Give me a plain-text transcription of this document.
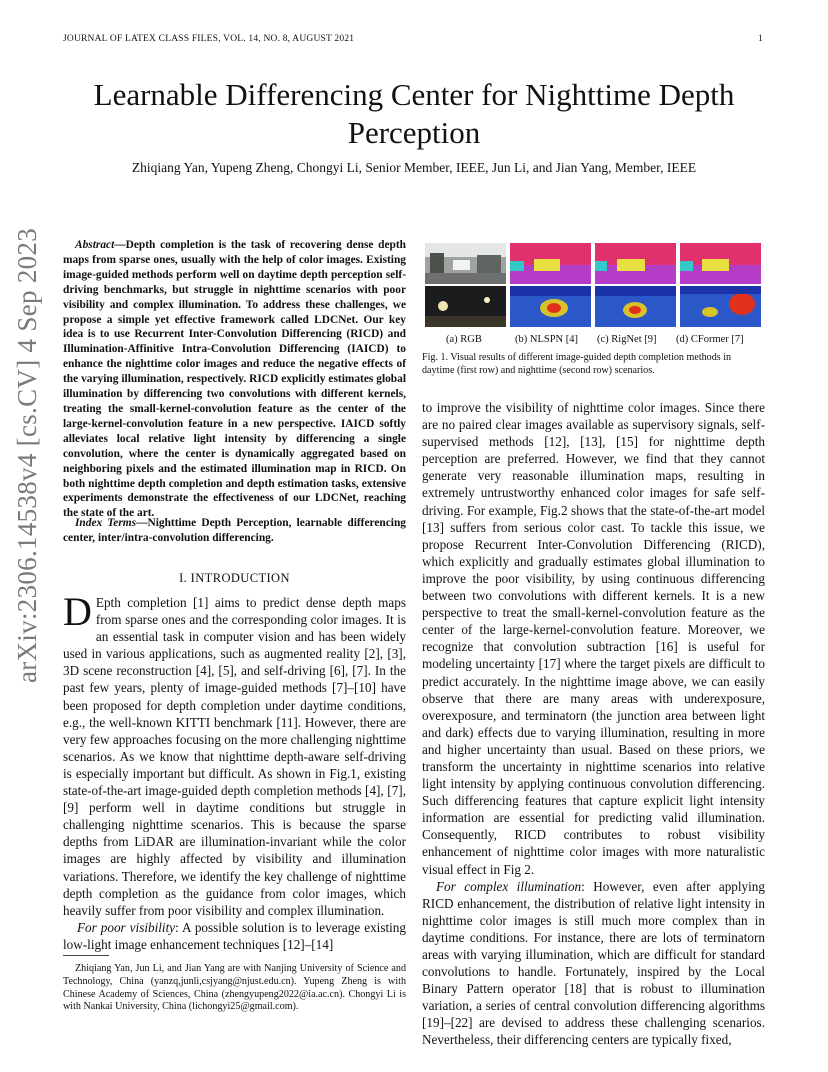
JOURNAL OF LATEX CLASS FILES, VOL. 14, NO. 8, AUGUST 2021	1
Learnable Differencing Center for Nighttime Depth Perception
Zhiqiang Yan, Yupeng Zheng, Chongyi Li, Senior Member, IEEE, Jun Li, and Jian Yang, Member, IEEE
arXiv:2306.14538v4 [cs.CV] 4 Sep 2023	Abstract—Depth completion is the task of recovering dense depth maps from sparse ones, usually with the help of color images. Existing image-guided methods perform well on daytime depth perception self-driving benchmarks, but struggle in nighttime scenarios with poor visibility and complex illumination. To address these challenges, we propose a simple yet effective framework called LDCNet. Our key idea is to use Recurrent Inter-Convolution Differencing (RICD) and Illumination-Affinitive Intra-Convolution Differencing (IAICD) to enhance the nighttime color images and reduce the negative effects of the varying illumination, respectively. RICD explicitly estimates global illumination by differencing two convolutions with different kernels, treating the small-kernel-convolution feature as the center of the large-kernel-convolution feature in a new perspective. IAICD softly alleviates local relative light intensity by differencing a single convolution, where the center is dynamically aggregated based on neighboring pixels and the estimated illumination map in RICD. On both nighttime depth completion and depth estimation tasks, extensive experiments demonstrate the effectiveness of our LDCNet, reaching the state of the art.
Index Terms—Nighttime Depth Perception, learnable differencing center, inter/intra-convolution differencing.
I. INTRODUCTION
D Epth completion [1] aims to predict dense depth maps from sparse ones and the corresponding color images. It is an essential task in computer vision and has been widely used in various applications, such as augmented reality [2], [3], 3D scene reconstruction [4], [5], and self-driving [6], [7]. In the past few years, plenty of image-guided methods [7]–[10] have been proposed for depth completion under daytime conditions, e.g., the well-known KITTI benchmark [11]. However, there are very few approaches focusing on the more challenging nighttime scenarios. As we know that nighttime depth-aware self-driving is especially important but difficult. As shown in Fig.1, existing state-of-the-art image-guided depth completion methods [4], [7], [9] perform well in daytime conditions but struggle in challenging nighttime scenarios. This is because the sparse depths from LiDAR are illumination-invariant while the color images are highly affected by visibility and illumination variations. Therefore, we identify the key challenge of nighttime depth completion as the guidance from color images, which heavily suffer from poor visibility and complex illumination.
For poor visibility: A possible solution is to leverage existing low-light image enhancement techniques [12]–[14]
Zhiqiang Yan, Jun Li, and Jian Yang are with Nanjing University of Science and Technology, China (yanzq,junli,csjyang@njust.edu.cn). Yupeng Zheng is with Chinese Academy of Sciences, China (zhengyupeng2022@ia.ac.cn). Chongyi Li is with Nankai University, China (lichongyi25@gmail.com).
(a) RGB	(b) NLSPN [4] (c) RigNet [9] (d) CFormer [7]
Fig. 1. Visual results of different image-guided depth completion methods in daytime (first row) and nighttime (second row) scenarios.
to improve the visibility of nighttime color images. Since there are no paired clear images available as supervisory signals, self-supervised methods [12], [13], [15] for nighttime depth perception are preferred. However, we find that they cannot generate very reasonable illumination maps, resulting in extremely untrustworthy enhanced color images for safe self-driving. For example, Fig.2 shows that the state-of-the-art model [13] suffers from serious color cast. To tackle this issue, we propose Recurrent Inter-Convolution Differencing (RICD), which explicitly and gradually estimates global illumination to improve the poor visibility, by using continuous differencing between two convolutions with different kernels. It is a new perspective to treat the small-kernel-convolution feature as the center of the large-kernel-convolution feature. Moreover, we recognize that convolution subtraction [16] is useful for modeling uncertainty [17] where the target pixels are difficult to predict accurately. In the nighttime image above, we can easily observe that there are many areas with underexposure, overexposure, and terminatorn (the junction area between light and dark) effects due to varying illumination, resulting in more and higher uncertainty than usual. Based on these priors, we transform the uncertainty in nighttime scenarios into relative light intensity by applying continuous convolution differencing. Such differencing features that capture explicit light intensity information are essential for predicting valid illumination. Consequently, RICD contributes to robust visibility enhancement of nighttime color images with more naturalistic visual effect in Fig 2.
For complex illumination: However, even after applying RICD enhancement, the distribution of relative light intensity in nighttime color images is still much more complex than in daytime conditions. For instance, there are lots of terminatorn areas with varying illumination, which are difficult for standard convolutions to handle. Fortunately, inspired by the Local Binary Pattern operator [18] that is robust to illumination variation, a series of central convolution differencing algorithms [19]–[22] are devised to address these challenging scenarios. Nevertheless, their differencing centers are typically fixed,
